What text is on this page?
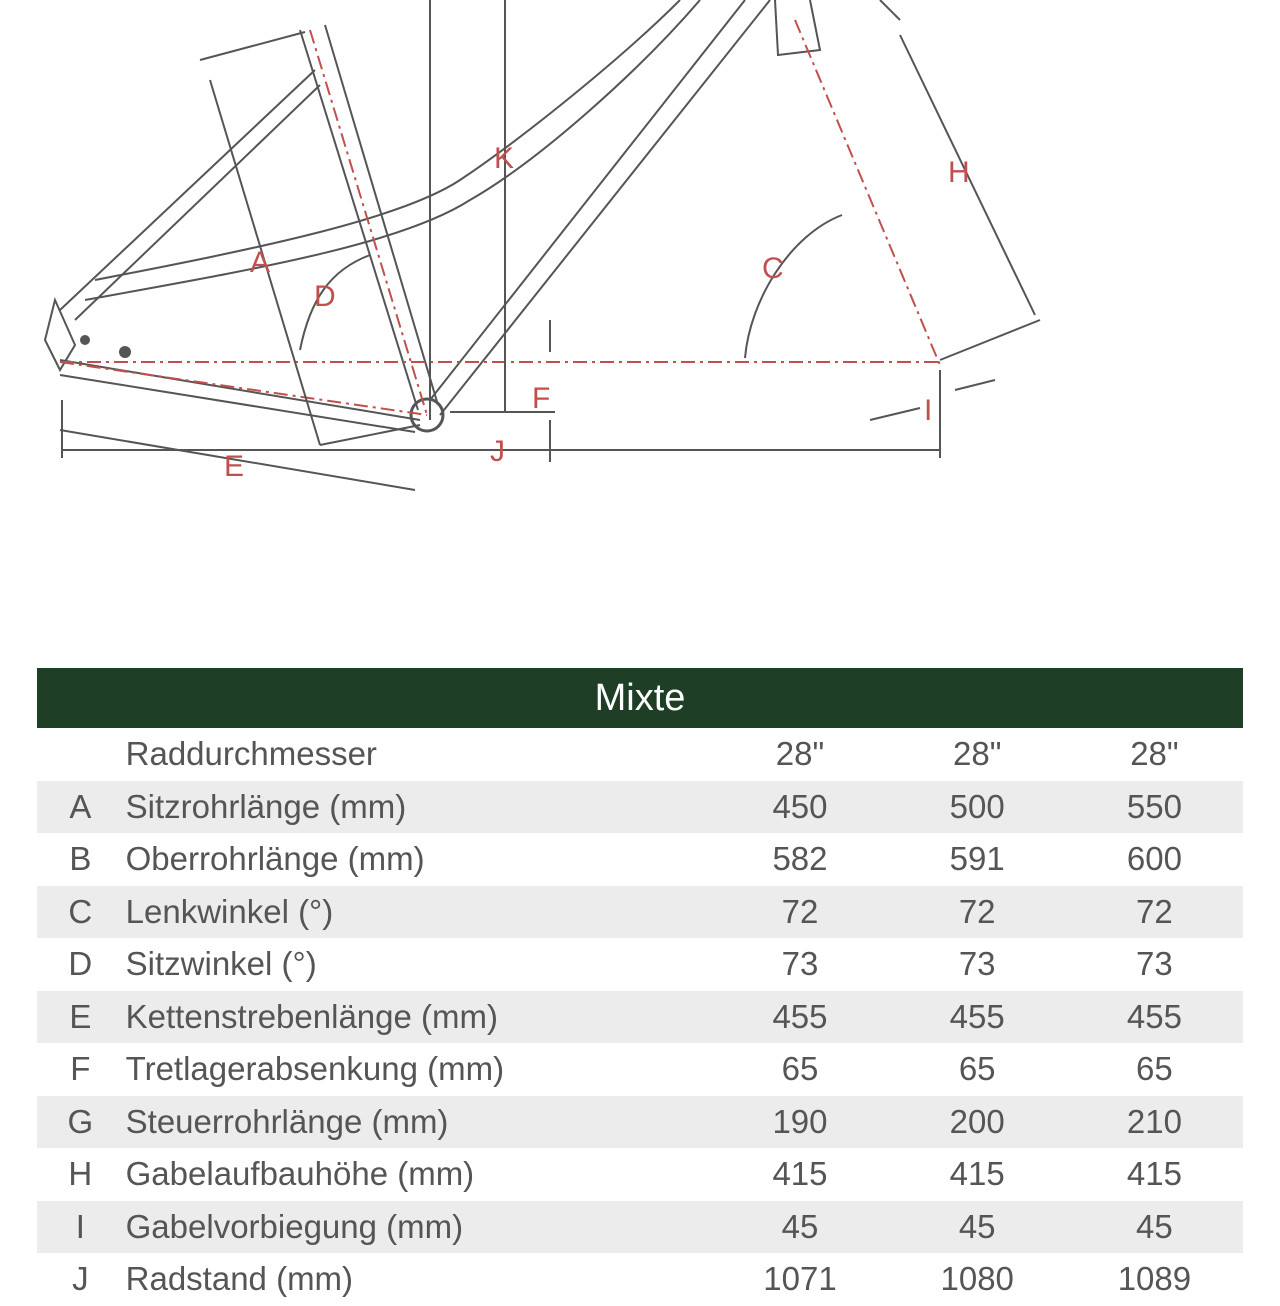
A	C
D
E
F
H
I
J
K
Mixte
Raddurchmesser	28"	28"	28"
A	Sitzrohrlänge (mm)	450	500	550
B	Oberrohrlänge (mm)	582	591	600
C	Lenkwinkel (°)	72	72	72
D	Sitzwinkel (°)	73	73	73
E	Kettenstrebenlänge (mm)	455	455	455
F	Tretlagerabsenkung (mm)	65	65	65
G Steuerrohrlänge (mm)	190	200	210
H	Gabelaufbauhöhe (mm)	415	415	415
I	Gabelvorbiegung (mm)	45	45	45
J	Radstand (mm)	1071	1080	1089
